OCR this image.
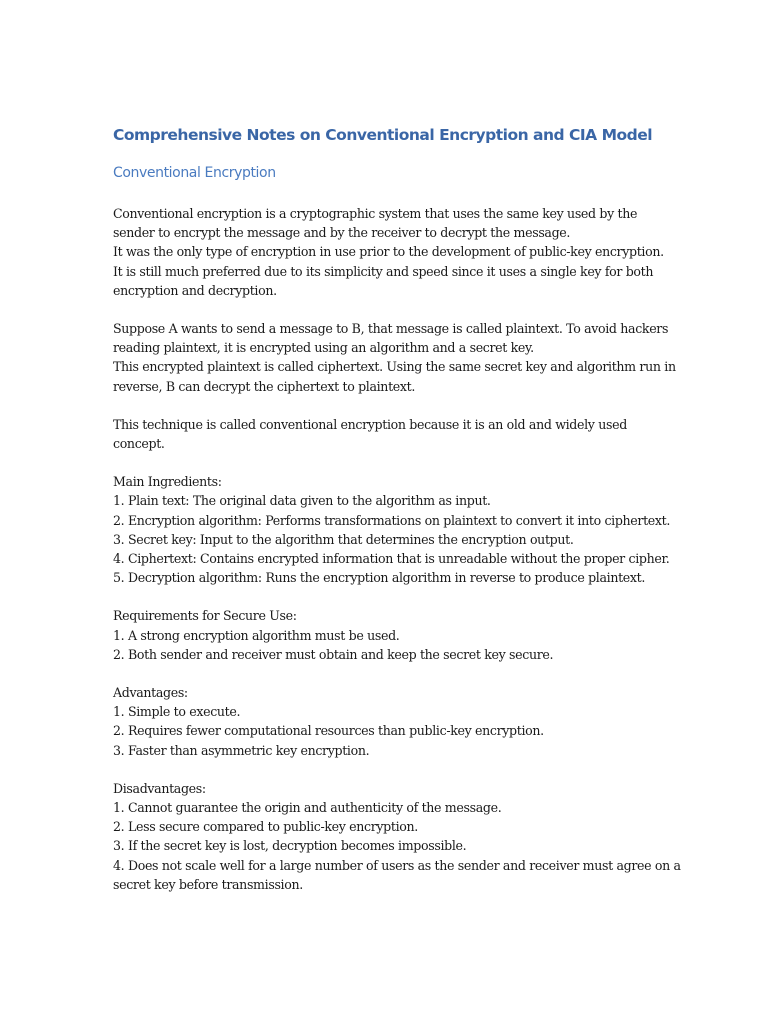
Comprehensive Notes on Conventional Encryption and CIA Model
Conventional Encryption

Conventional encryption is a cryptographic system that uses the same key used by the
sender to encrypt the message and by the receiver to decrypt the message.
It was the only type of encryption in use prior to the development of public-key encryption.
It is still much preferred due to its simplicity and speed since it uses a single key for both
encryption and decryption.

Suppose A wants to send a message to B, that message is called plaintext. To avoid hackers
reading plaintext, it is encrypted using an algorithm and a secret key.
This encrypted plaintext is called ciphertext. Using the same secret key and algorithm run in
reverse, B can decrypt the ciphertext to plaintext.

This technique is called conventional encryption because it is an old and widely used
concept.

Main Ingredients:
1. Plain text: The original data given to the algorithm as input.
2. Encryption algorithm: Performs transformations on plaintext to convert it into ciphertext.
3. Secret key: Input to the algorithm that determines the encryption output.
4. Ciphertext: Contains encrypted information that is unreadable without the proper cipher.
5. Decryption algorithm: Runs the encryption algorithm in reverse to produce plaintext.

Requirements for Secure Use:
1. A strong encryption algorithm must be used.
2. Both sender and receiver must obtain and keep the secret key secure.

Advantages:
1. Simple to execute.
2. Requires fewer computational resources than public-key encryption.
3. Faster than asymmetric key encryption.

Disadvantages:
1. Cannot guarantee the origin and authenticity of the message.
2. Less secure compared to public-key encryption.
3. If the secret key is lost, decryption becomes impossible.
4. Does not scale well for a large number of users as the sender and receiver must agree on a
secret key before transmission.
